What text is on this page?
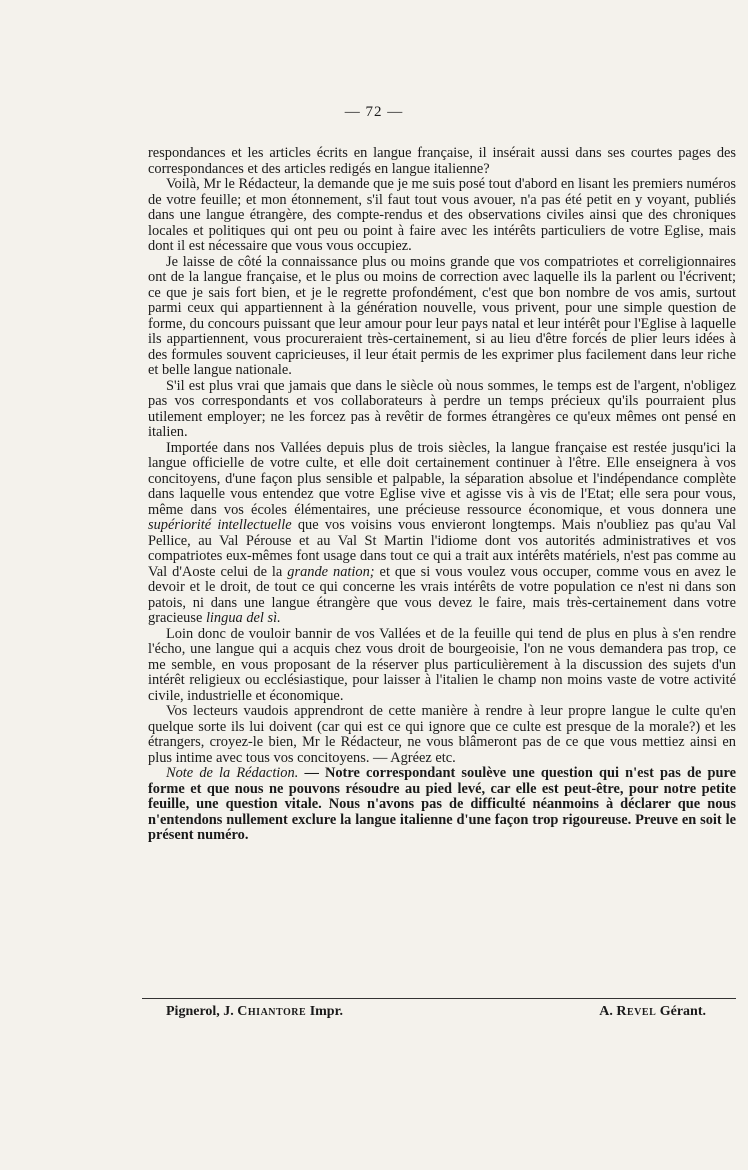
— 72 —

respondances et les articles écrits en langue française, il insérait aussi dans ses courtes pages des correspondances et des articles redigés en langue italienne?

Voilà, Mr le Rédacteur, la demande que je me suis posé tout d'abord en lisant les premiers numéros de votre feuille; et mon étonnement, s'il faut tout vous avouer, n'a pas été petit en y voyant, publiés dans une langue étrangère, des compte-rendus et des observations civiles ainsi que des chroniques locales et politiques qui ont peu ou point à faire avec les intérêts particuliers de votre Eglise, mais dont il est nécessaire que vous vous occupiez.

Je laisse de côté la connaissance plus ou moins grande que vos compatriotes et correligionnaires ont de la langue française, et le plus ou moins de correction avec laquelle ils la parlent ou l'écrivent; ce que je sais fort bien, et je le regrette profondément, c'est que bon nombre de vos amis, surtout parmi ceux qui appartiennent à la génération nouvelle, vous privent, pour une simple question de forme, du concours puissant que leur amour pour leur pays natal et leur intérêt pour l'Eglise à laquelle ils appartiennent, vous procureraient très-certainement, si au lieu d'être forcés de plier leurs idées à des formules souvent capricieuses, il leur était permis de les exprimer plus facilement dans leur riche et belle langue nationale.

S'il est plus vrai que jamais que dans le siècle où nous sommes, le temps est de l'argent, n'obligez pas vos correspondants et vos collaborateurs à perdre un temps précieux qu'ils pourraient plus utilement employer; ne les forcez pas à revêtir de formes étrangères ce qu'eux mêmes ont pensé en italien.

Importée dans nos Vallées depuis plus de trois siècles, la langue française est restée jusqu'ici la langue officielle de votre culte, et elle doit certainement continuer à l'être. Elle enseignera à vos concitoyens, d'une façon plus sensible et palpable, la séparation absolue et l'indépendance complète dans laquelle vous entendez que votre Eglise vive et agisse vis à vis de l'Etat; elle sera pour vous, même dans vos écoles élémentaires, une précieuse ressource économique, et vous donnera une supériorité intellectuelle que vos voisins vous envieront longtemps. Mais n'oubliez pas qu'au Val Pellice, au Val Pérouse et au Val St Martin l'idiome dont vos autorités administratives et vos compatriotes eux-mêmes font usage dans tout ce qui a trait aux intérêts matériels, n'est pas comme au Val d'Aoste celui de la grande nation; et que si vous voulez vous occuper, comme vous en avez le devoir et le droit, de tout ce qui concerne les vrais intérêts de votre population ce n'est ni dans son patois, ni dans une langue étrangère que vous devez le faire, mais très-certainement dans votre gracieuse lingua del sì.

Loin donc de vouloir bannir de vos Vallées et de la feuille qui tend de plus en plus à s'en rendre l'écho, une langue qui a acquis chez vous droit de bourgeoisie, l'on ne vous demandera pas trop, ce me semble, en vous proposant de la réserver plus particulièrement à la discussion des sujets d'un intérêt religieux ou ecclésiastique, pour laisser à l'italien le champ non moins vaste de votre activité civile, industrielle et économique.

Vos lecteurs vaudois apprendront de cette manière à rendre à leur propre langue le culte qu'en quelque sorte ils lui doivent (car qui est ce qui ignore que ce culte est presque de la morale?) et les étrangers, croyez-le bien, Mr le Rédacteur, ne vous blâmeront pas de ce que vous mettiez ainsi en plus intime avec tous vos concitoyens. — Agréez etc.

Note de la Rédaction. — Notre correspondant soulève une question qui n'est pas de pure forme et que nous ne pouvons résoudre au pied levé, car elle est peut-être, pour notre petite feuille, une question vitale. Nous n'avons pas de difficulté néanmoins à déclarer que nous n'entendons nullement exclure la langue italienne d'une façon trop rigoureuse. Preuve en soit le présent numéro.

Pignerol, J. Chiantore Impr.	A. Revel Gérant.
